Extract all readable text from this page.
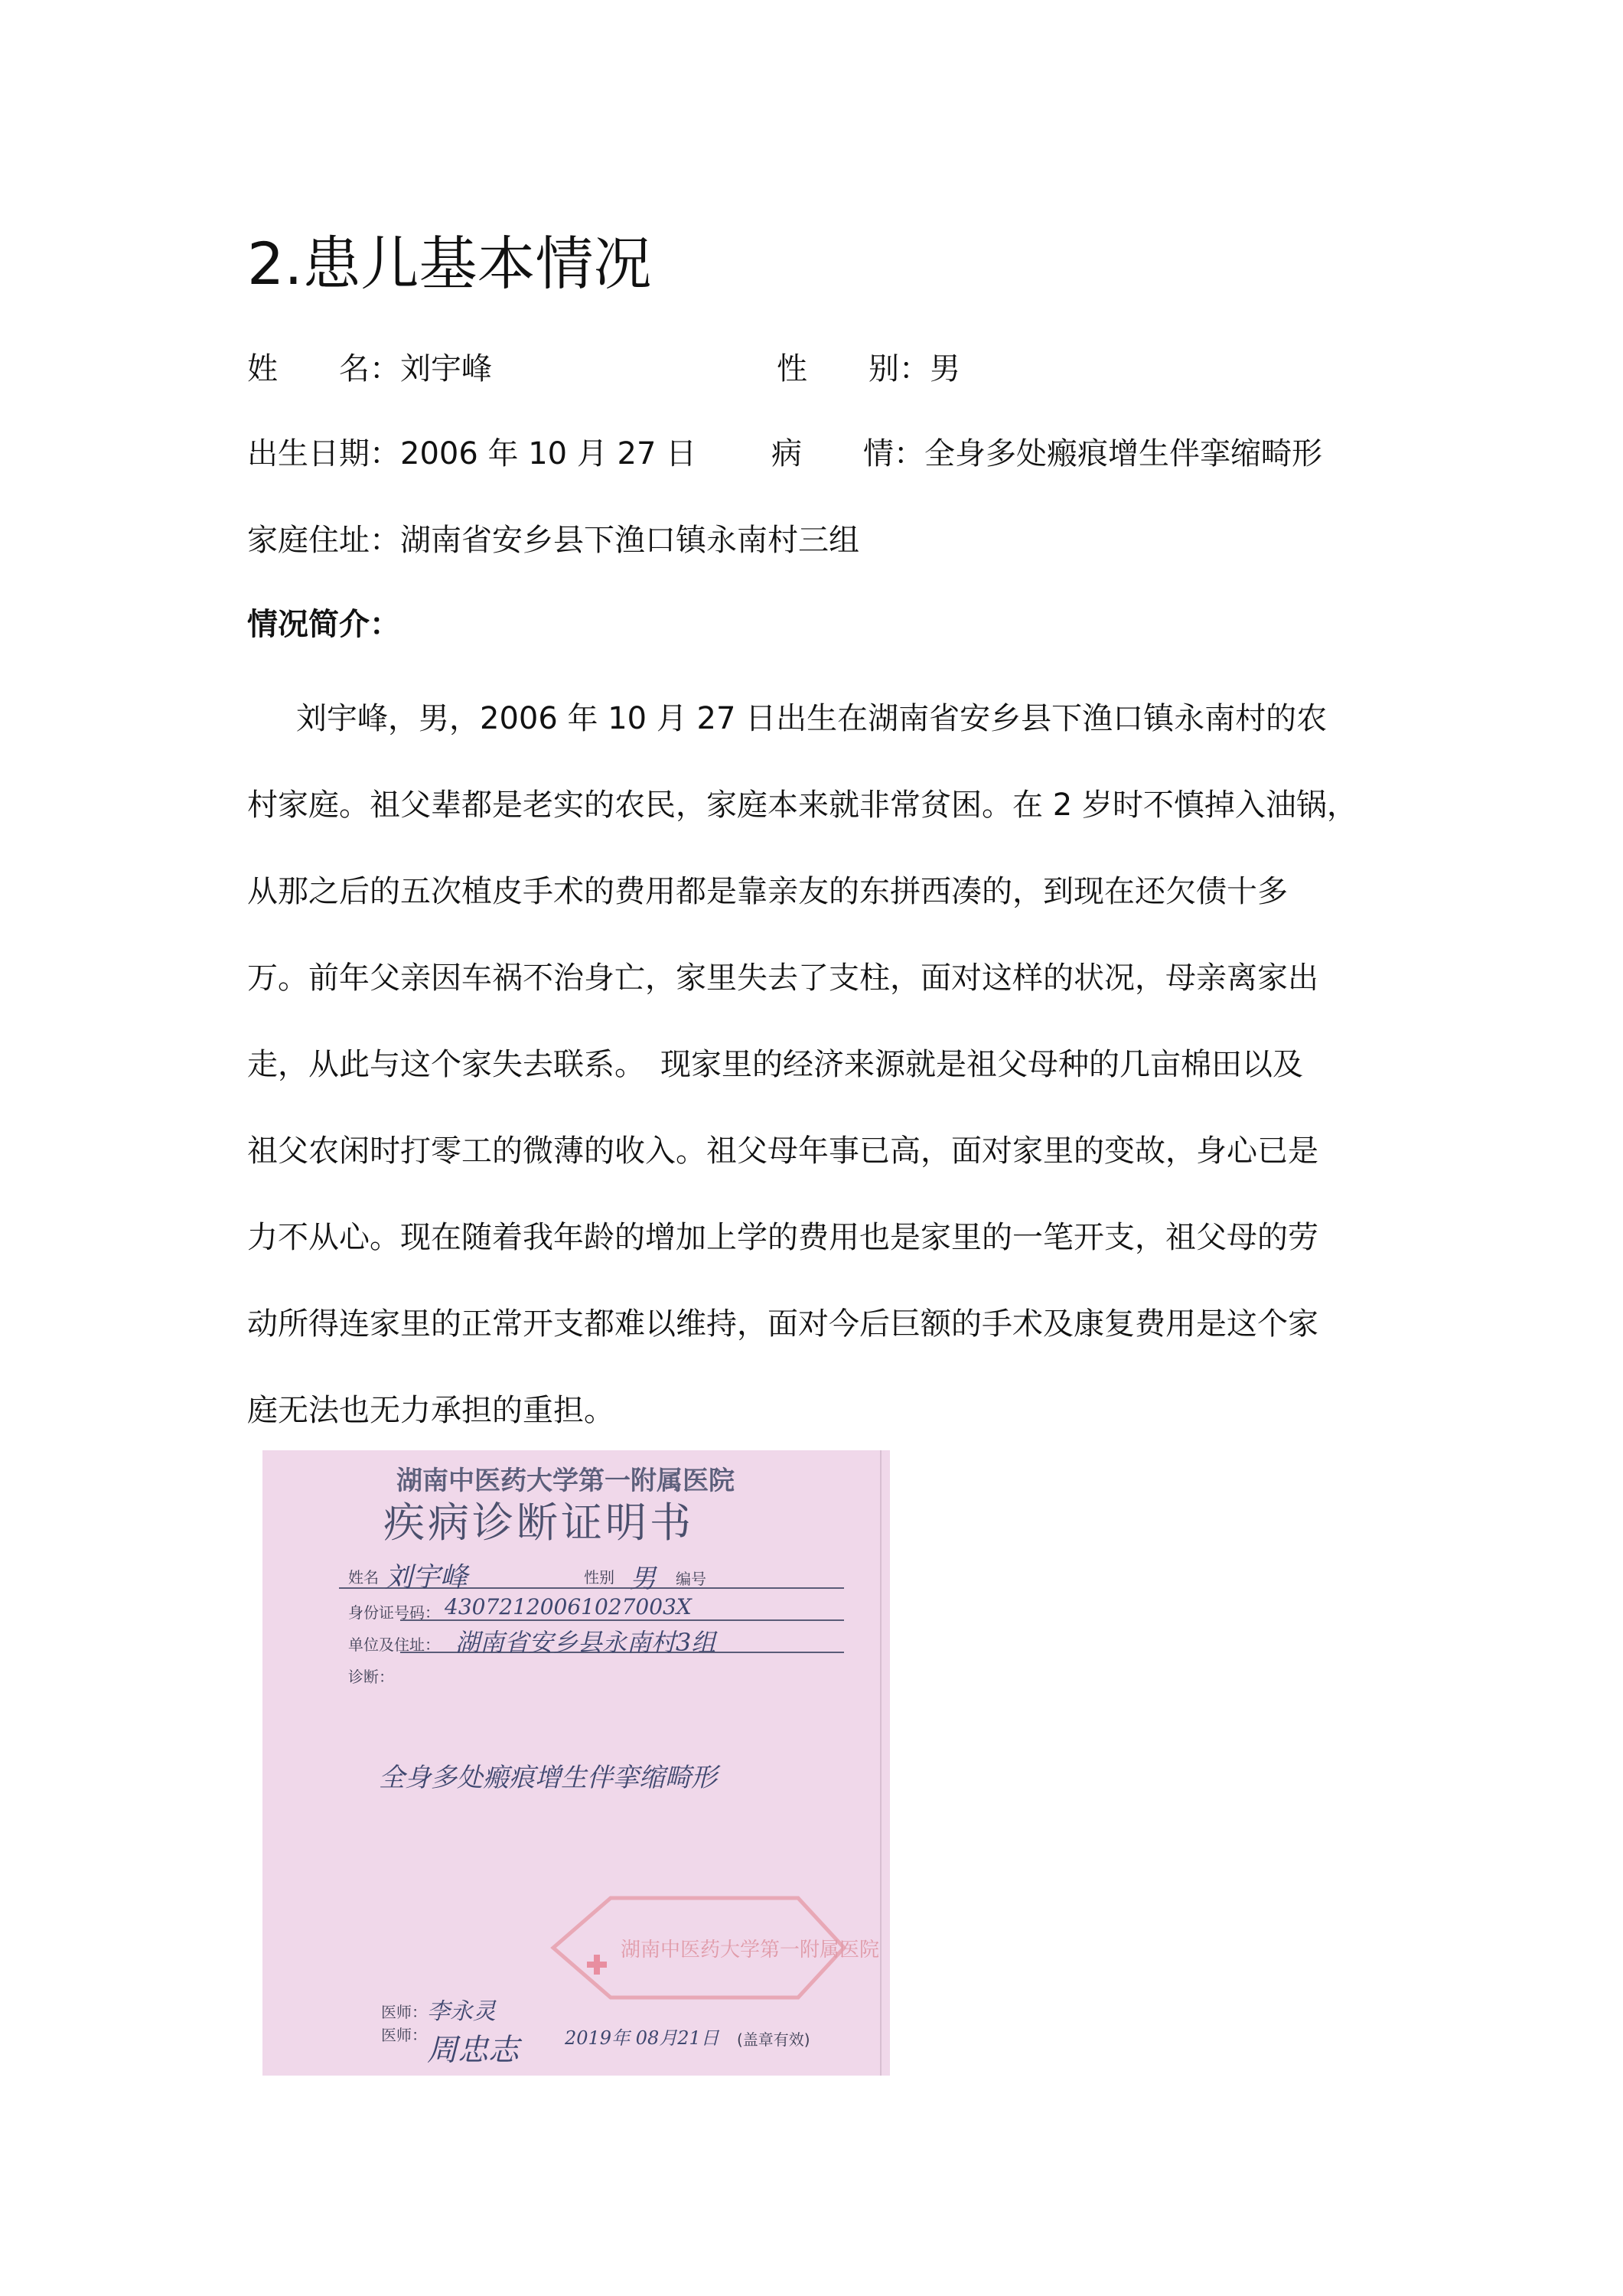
2.患儿基本情况
姓　　名：刘宇峰	性　　别：男
出生日期：2006 年 10 月 27 日 病　　情：全身多处瘢痕增生伴挛缩畸形
家庭住址：湖南省安乡县下渔口镇永南村三组
情况简介：
刘宇峰，男，2006 年 10 月 27 日出生在湖南省安乡县下渔口镇永南村的农
村家庭。祖父辈都是老实的农民，家庭本来就非常贫困。在 2 岁时不慎掉入油锅，
从那之后的五次植皮手术的费用都是靠亲友的东拼西凑的，到现在还欠债十多
万。前年父亲因车祸不治身亡，家里失去了支柱，面对这样的状况，母亲离家出
走，从此与这个家失去联系。　现家里的经济来源就是祖父母种的几亩棉田以及
祖父农闲时打零工的微薄的收入。祖父母年事已高，面对家里的变故，身心已是
力不从心。现在随着我年龄的增加上学的费用也是家里的一笔开支，祖父母的劳
动所得连家里的正常开支都难以维持，面对今后巨额的手术及康复费用是这个家
庭无法也无力承担的重担。
湖南中医药大学第一附属医院
疾病诊断证明书
姓名 刘宇峰	性别 男 编号
身份证号码： 43072120061027003X
单位及住址： 湖南省安乡县永南村3组
诊断：
全身多处瘢痕增生伴挛缩畸形
湖南中医药大学第一附属医院
医师： 李永灵
医师： 周忠志	2019年 08月21日 (盖章有效)
